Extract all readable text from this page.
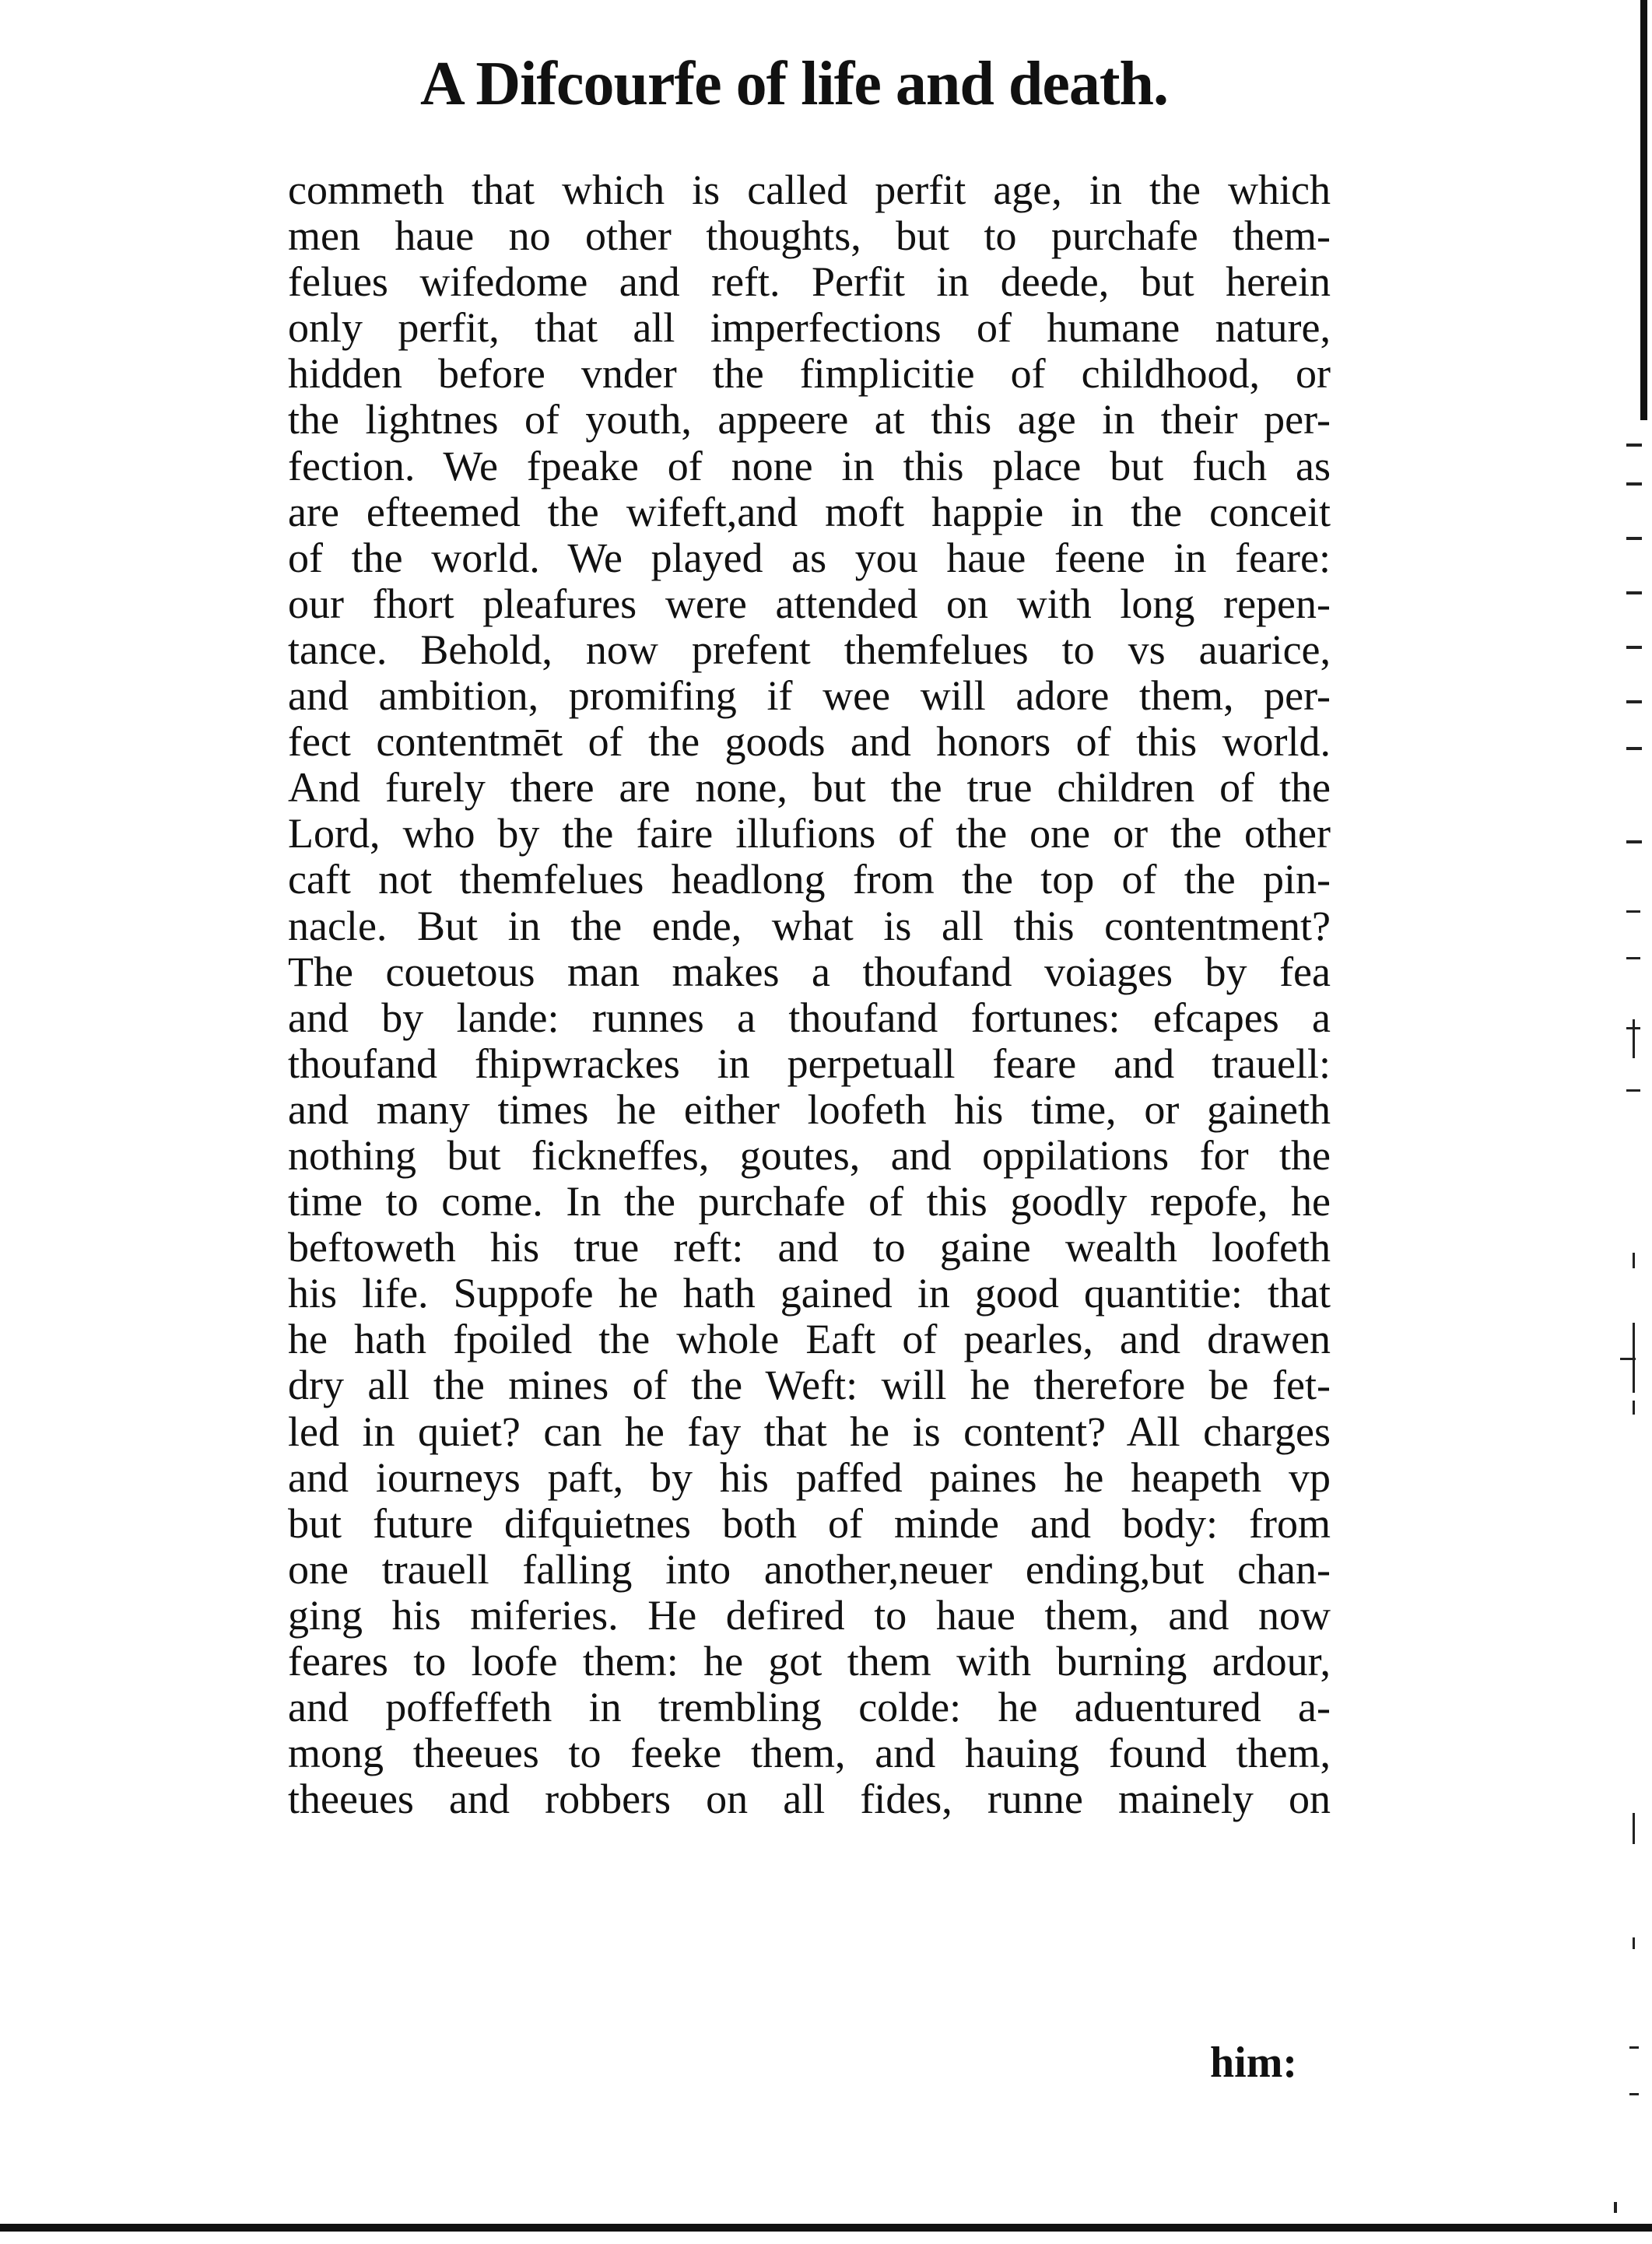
A Difcourfe of life and death.
commeth that which is called perfit age, in the which
men haue no other thoughts, but to purchafe them-
felues wifedome and reft. Perfit in deede, but herein
only perfit, that all imperfections of humane nature,
hidden before vnder the fimplicitie of childhood, or
the lightnes of youth, appeere at this age in their per-
fection. We fpeake of none in this place but fuch as
are efteemed the wifeft,and moft happie in the conceit
of the world. We played as you haue feene in feare:
our fhort pleafures were attended on with long repen-
tance. Behold, now prefent themfelues to vs auarice,
and ambition, promifing if wee will adore them, per-
fect contentmēt of the goods and honors of this world.
And furely there are none, but the true children of the
Lord, who by the faire illufions of the one or the other
caft not themfelues headlong from the top of the pin-
nacle. But in the ende, what is all this contentment?
The couetous man makes a thoufand voiages by fea
and by lande: runnes a thoufand fortunes: efcapes a
thoufand fhipwrackes in perpetuall feare and trauell:
and many times he either loofeth his time, or gaineth
nothing but fickneffes, goutes, and oppilations for the
time to come. In the purchafe of this goodly repofe, he
beftoweth his true reft: and to gaine wealth loofeth
his life. Suppofe he hath gained in good quantitie: that
he hath fpoiled the whole Eaft of pearles, and drawen
dry all the mines of the Weft: will he therefore be fet-
led in quiet? can he fay that he is content? All charges
and iourneys paft, by his paffed paines he heapeth vp
but future difquietnes both of minde and body: from
one trauell falling into another,neuer ending,but chan-
ging his miferies. He defired to haue them, and now
feares to loofe them: he got them with burning ardour,
and poffeffeth in trembling colde: he aduentured a-
mong theeues to feeke them, and hauing found them,
theeues and robbers on all fides, runne mainely on
him:
